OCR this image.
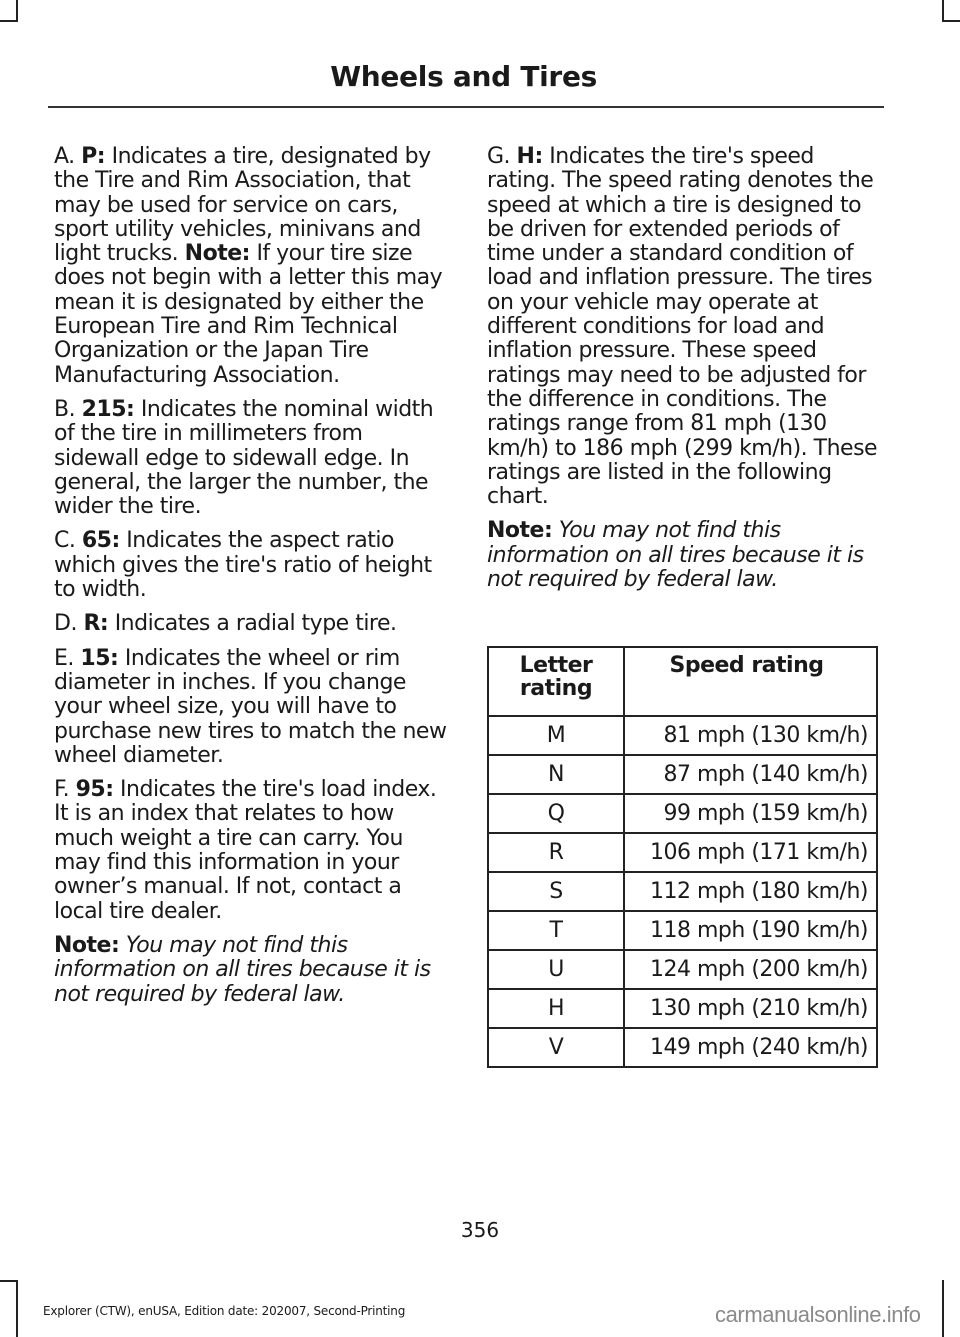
Wheels and Tires

A. P: Indicates a tire, designated by the Tire and Rim Association, that may be used for service on cars, sport utility vehicles, minivans and light trucks. Note: If your tire size does not begin with a letter this may mean it is designated by either the European Tire and Rim Technical Organization or the Japan Tire Manufacturing Association.

B. 215: Indicates the nominal width of the tire in millimeters from sidewall edge to sidewall edge. In general, the larger the number, the wider the tire.

C. 65: Indicates the aspect ratio which gives the tire's ratio of height to width.

D. R: Indicates a radial type tire.

E. 15: Indicates the wheel or rim diameter in inches. If you change your wheel size, you will have to purchase new tires to match the new wheel diameter.

F. 95: Indicates the tire's load index. It is an index that relates to how much weight a tire can carry. You may find this information in your owner’s manual. If not, contact a local tire dealer.

Note: You may not find this information on all tires because it is not required by federal law.

G. H: Indicates the tire's speed rating. The speed rating denotes the speed at which a tire is designed to be driven for extended periods of time under a standard condition of load and inflation pressure. The tires on your vehicle may operate at different conditions for load and inflation pressure. These speed ratings may need to be adjusted for the difference in conditions. The ratings range from 81 mph (130 km/h) to 186 mph (299 km/h). These ratings are listed in the following chart.

Note: You may not find this information on all tires because it is not required by federal law.

Letter rating	Speed rating
M	81 mph (130 km/h)
N	87 mph (140 km/h)
Q	99 mph (159 km/h)
R	106 mph (171 km/h)
S	112 mph (180 km/h)
T	118 mph (190 km/h)
U	124 mph (200 km/h)
H	130 mph (210 km/h)
V	149 mph (240 km/h)
356
Explorer (CTW), enUSA, Edition date: 202007, Second-Printing	carmanualsonline.info
